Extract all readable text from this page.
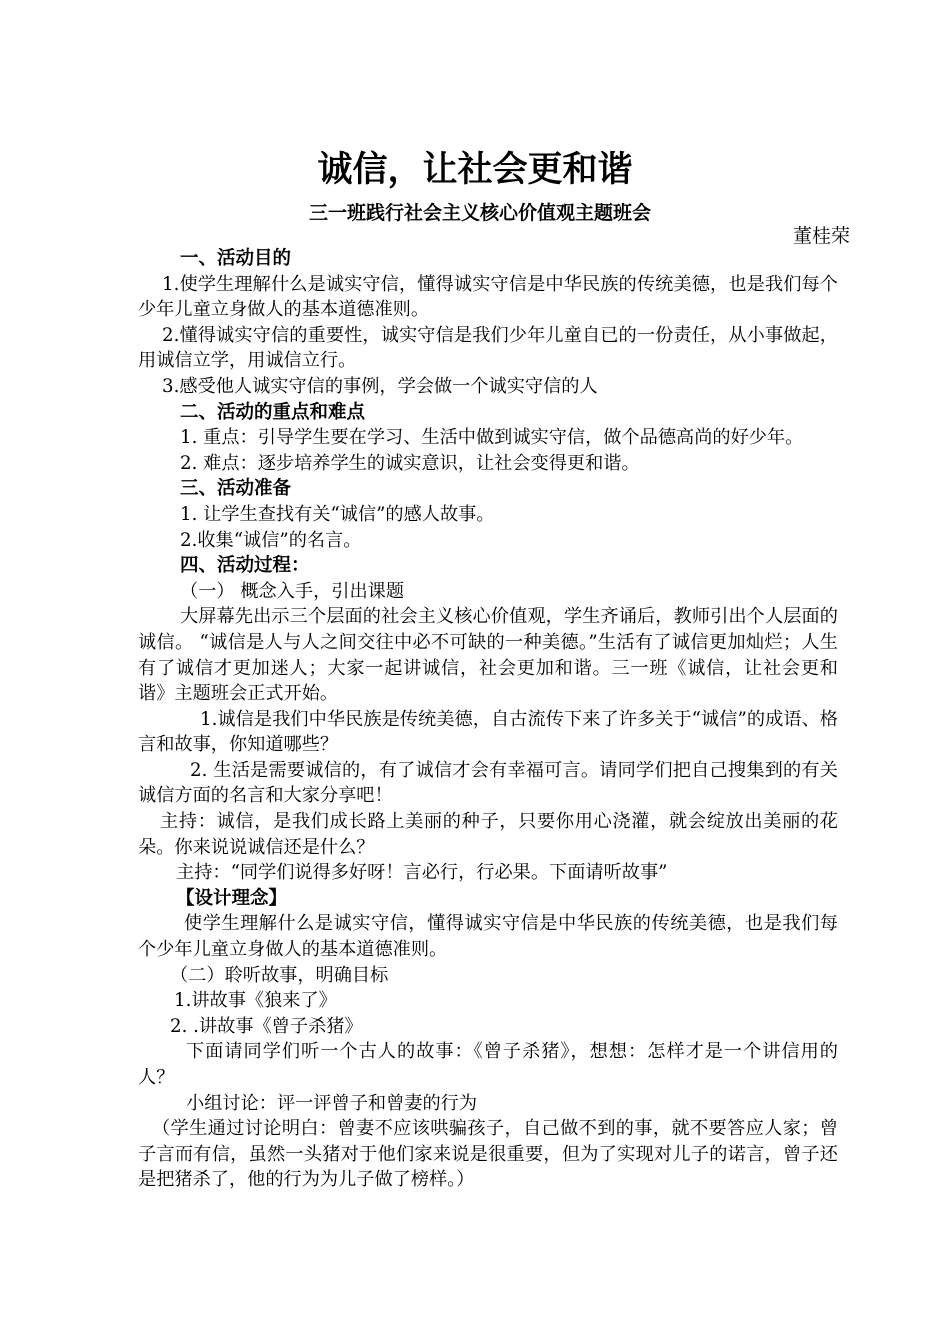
诚信，让社会更和谐
三一班践行社会主义核心价值观主题班会
董桂荣

一、活动目的

1.使学生理解什么是诚实守信，懂得诚实守信是中华民族的传统美德，也是我们每个少年儿童立身做人的基本道德准则。

2.懂得诚实守信的重要性，诚实守信是我们少年儿童自已的一份责任，从小事做起，用诚信立学，用诚信立行。

3.感受他人诚实守信的事例，学会做一个诚实守信的人

二、活动的重点和难点

1. 重点：引导学生要在学习、生活中做到诚实守信，做个品德高尚的好少年。

2. 难点：逐步培养学生的诚实意识，让社会变得更和谐。

三、活动准备

1. 让学生查找有关“诚信”的感人故事。

2.收集“诚信”的名言。

四、活动过程：

（一） 概念入手，引出课题

大屏幕先出示三个层面的社会主义核心价值观，学生齐诵后，教师引出个人层面的诚信。 “诚信是人与人之间交往中必不可缺的一种美德。”生活有了诚信更加灿烂；人生有了诚信才更加迷人；大家一起讲诚信，社会更加和谐。三一班《诚信，让社会更和谐》主题班会正式开始。

1.诚信是我们中华民族是传统美德，自古流传下来了许多关于“诚信”的成语、格言和故事，你知道哪些？

2. 生活是需要诚信的，有了诚信才会有幸福可言。请同学们把自己搜集到的有关诚信方面的名言和大家分享吧！

主持：诚信，是我们成长路上美丽的种子，只要你用心浇灌，就会绽放出美丽的花朵。你来说说诚信还是什么？

主持：“同学们说得多好呀！言必行，行必果。下面请听故事”

【设计理念】

使学生理解什么是诚实守信，懂得诚实守信是中华民族的传统美德，也是我们每个少年儿童立身做人的基本道德准则。

（二）聆听故事，明确目标

1.讲故事《狼来了》

2. .讲故事《曾子杀猪》

下面请同学们听一个古人的故事：《曾子杀猪》，想想：怎样才是一个讲信用的人？

小组讨论：评一评曾子和曾妻的行为

（学生通过讨论明白：曾妻不应该哄骗孩子，自己做不到的事，就不要答应人家；曾子言而有信，虽然一头猪对于他们家来说是很重要，但为了实现对儿子的诺言，曾子还是把猪杀了，他的行为为儿子做了榜样。）
